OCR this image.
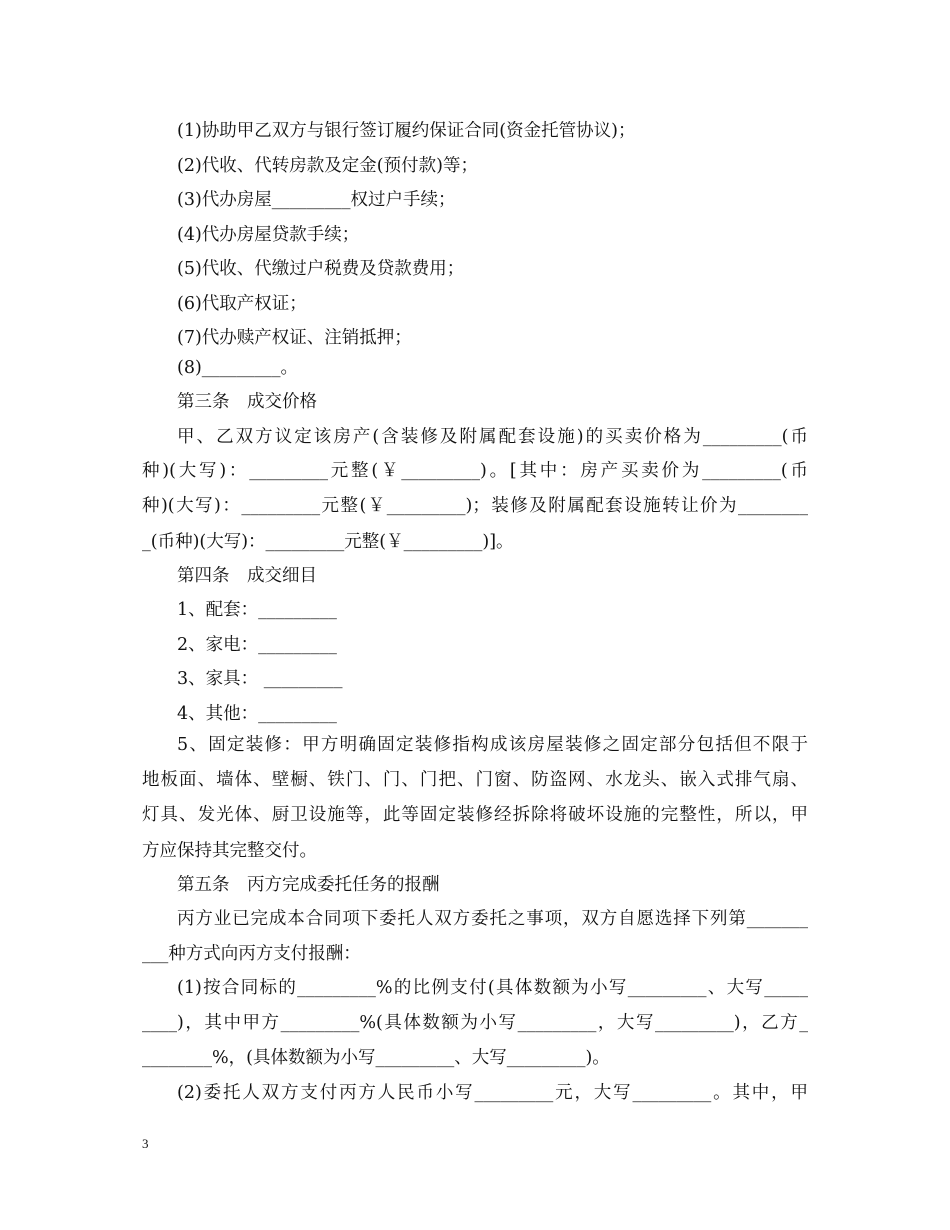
(1)协助甲乙双方与银行签订履约保证合同(资金托管协议)；
(2)代收、代转房款及定金(预付款)等；
(3)代办房屋_________权过户手续；
(4)代办房屋贷款手续；
(5)代收、代缴过户税费及贷款费用；
(6)代取产权证；
(7)代办赎产权证、注销抵押；
(8)_________。
第三条　成交价格
甲、乙双方议定该房产(含装修及附属配套设施)的买卖价格为_________(币
种)(大写)：_________元整(￥_________)。[其中：房产买卖价为_________(币
种)(大写)：_________元整(￥_________)；装修及附属配套设施转让价为________
_(币种)(大写)：_________元整(￥_________)]。
第四条　成交细目
1、配套：_________
2、家电：_________
3、家具： _________
4、其他：_________
5、固定装修：甲方明确固定装修指构成该房屋装修之固定部分包括但不限于
地板面、墙体、壁橱、铁门、门、门把、门窗、防盗网、水龙头、嵌入式排气扇、
灯具、发光体、厨卫设施等，此等固定装修经拆除将破坏设施的完整性，所以，甲
方应保持其完整交付。
第五条　丙方完成委托任务的报酬
丙方业已完成本合同项下委托人双方委托之事项，双方自愿选择下列第_______
___种方式向丙方支付报酬：
(1)按合同标的_________%的比例支付(具体数额为小写_________、大写_____
____)，其中甲方_________%(具体数额为小写_________，大写_________)，乙方_
________%，(具体数额为小写_________、大写_________)。
(2)委托人双方支付丙方人民币小写_________元，大写_________。其中，甲
3
